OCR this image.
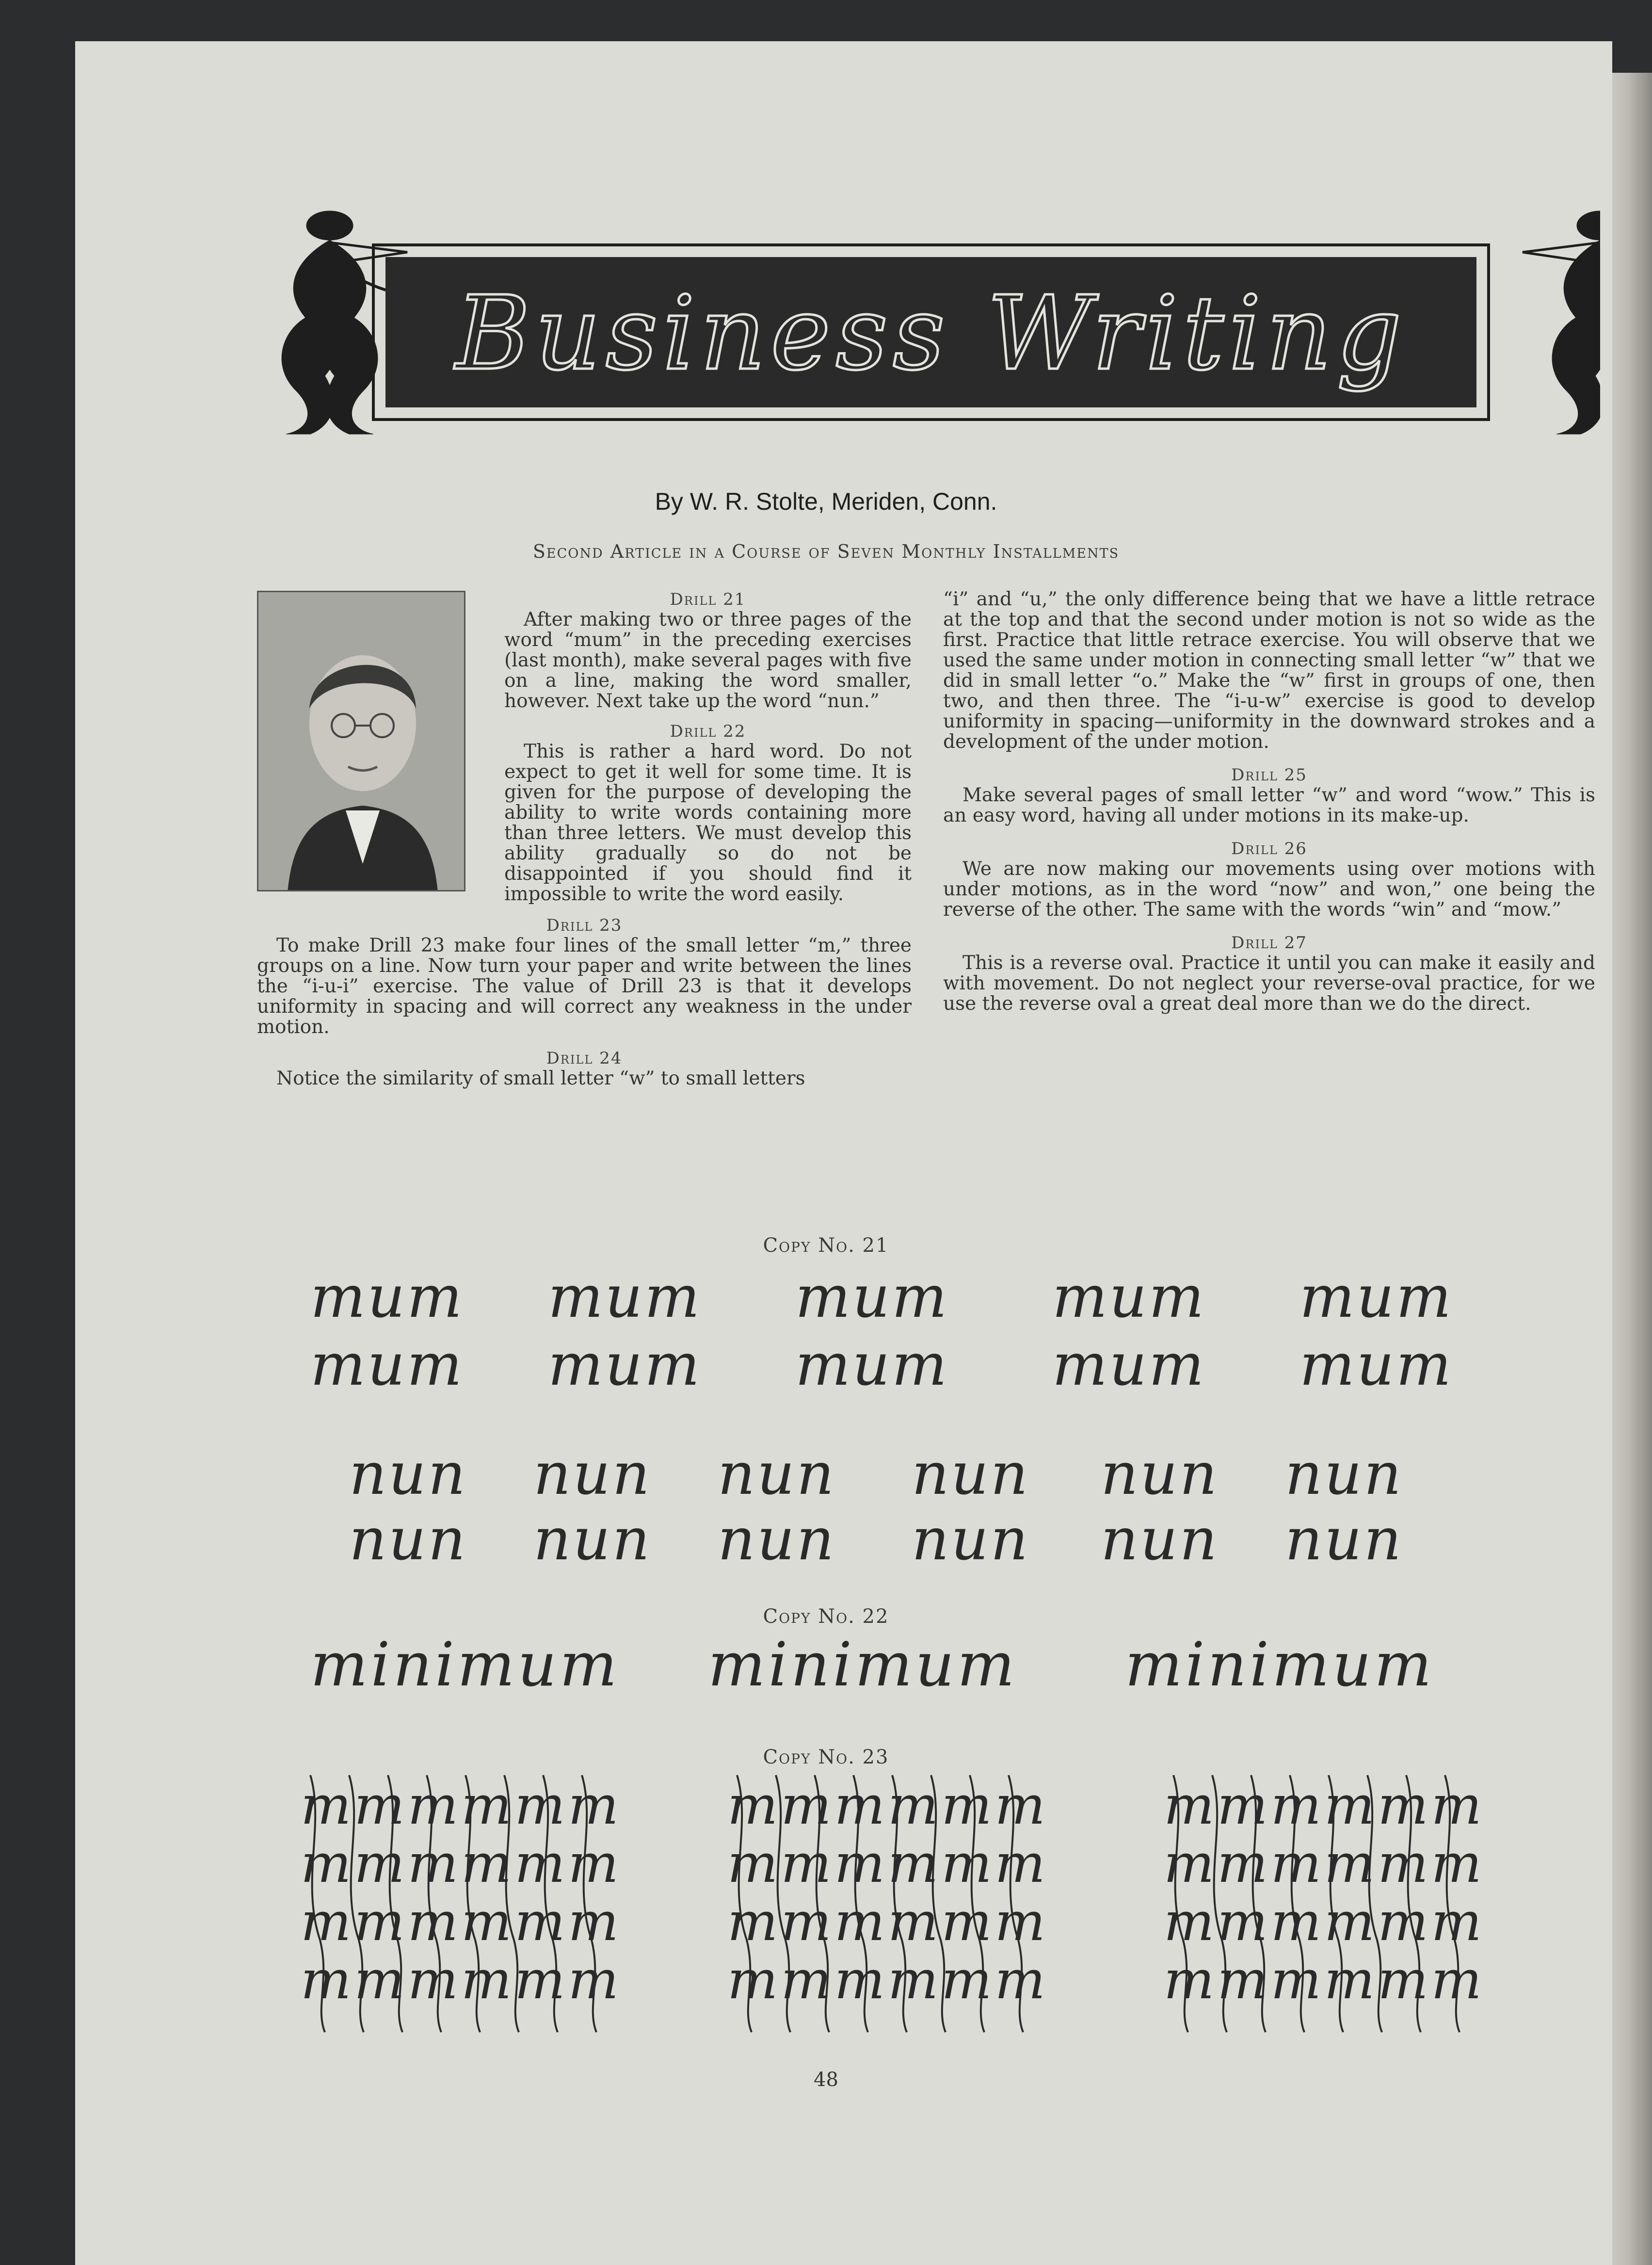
Business Writing
By W. R. Stolte, Meriden, Conn.
Second Article in a Course of Seven Monthly Installments

Drill 21

After making two or three pages of the word “mum” in the preceding exercises (last month), make several pages with five on a line, making the word smaller, however. Next take up the word “nun.”

Drill 22

This is rather a hard word. Do not expect to get it well for some time. It is given for the purpose of developing the ability to write words containing more than three letters. We must develop this ability gradually so do not be disappointed if you should find it impossible to write the word easily.

Drill 23

To make Drill 23 make four lines of the small letter “m,” three groups on a line. Now turn your paper and write between the lines the “i-u-i” exercise. The value of Drill 23 is that it develops uniformity in spacing and will correct any weakness in the under motion.

Drill 24

Notice the similarity of small letter “w” to small letters

“i” and “u,” the only difference being that we have a little retrace at the top and that the second under motion is not so wide as the first. Practice that little retrace exercise. You will observe that we used the same under motion in connecting small letter “w” that we did in small letter “o.” Make the “w” first in groups of one, then two, and then three. The “i-u-w” exercise is good to develop uniformity in spacing—uniformity in the downward strokes and a development of the under motion.

Drill 25

Make several pages of small letter “w” and word “wow.” This is an easy word, having all under motions in its make-up.

Drill 26

We are now making our movements using over motions with under motions, as in the word “now” and won,” one being the reverse of the other. The same with the words “win” and “mow.”

Drill 27

This is a reverse oval. Practice it until you can make it easily and with movement. Do not neglect your reverse-oval practice, for we use the reverse oval a great deal more than we do the direct.

Copy No. 21
Copy No. 22
Copy No. 23
mum mum mum mum mum
mum mum mum mum mum
nun nun nun nun nun nun
nun nun nun nun nun nun
minimum minimum minimum
mmmmmm mmmmmm mmmmmm
mmmmmm mmmmmm mmmmmm
mmmmmm mmmmmm mmmmmm
mmmmmm mmmmmm mmmmmm
48
